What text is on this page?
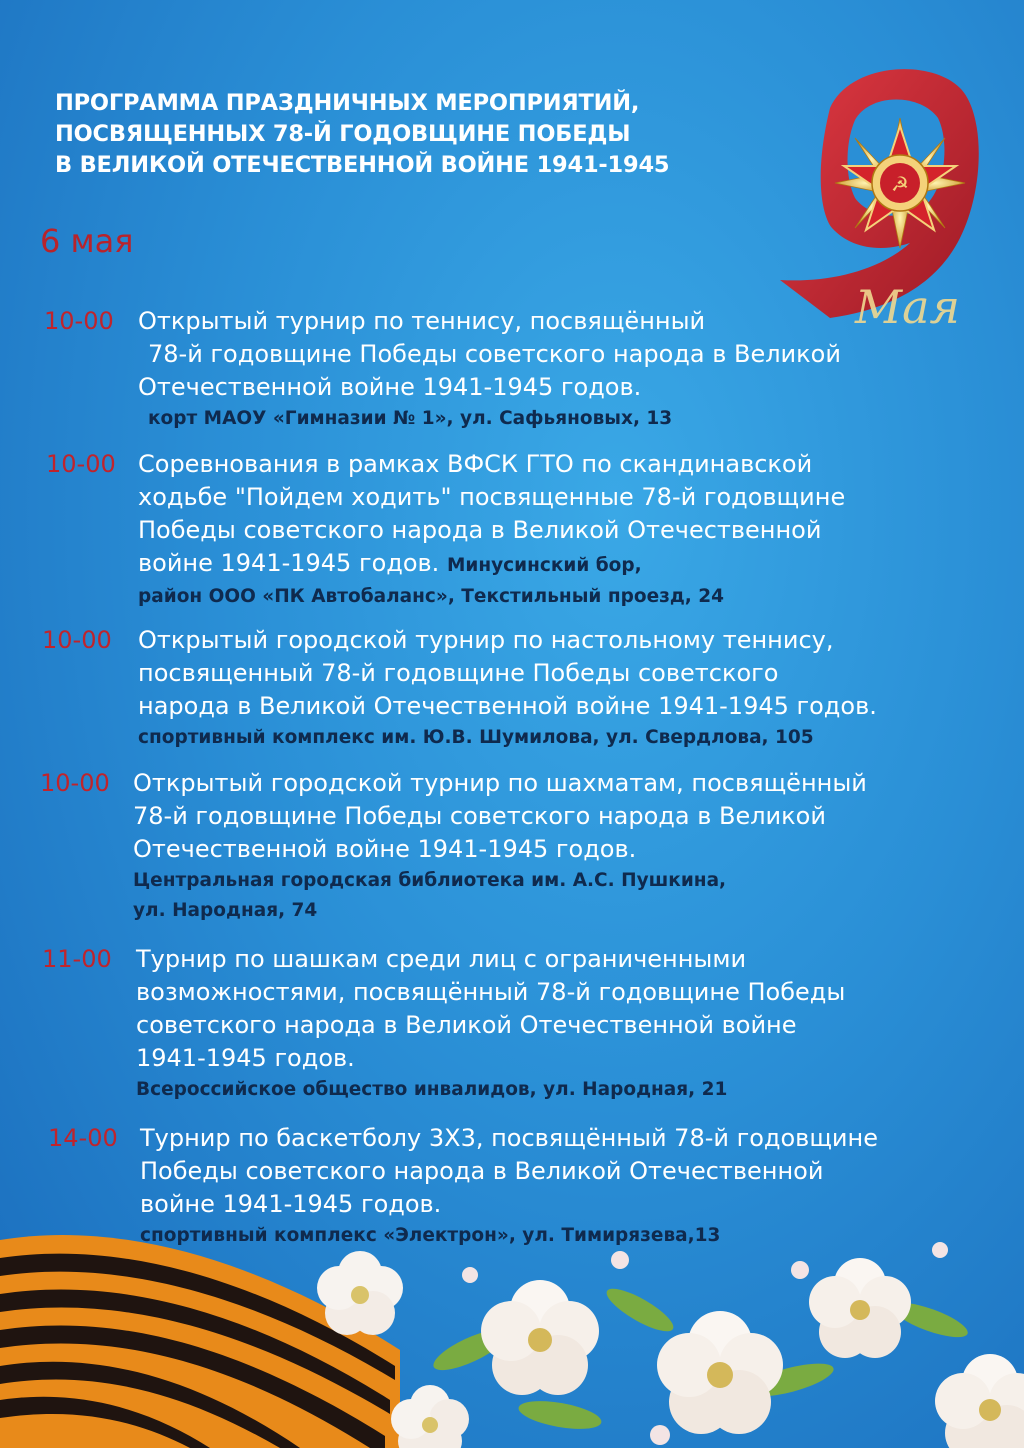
ПРОГРАММА ПРАЗДНИЧНЫХ МЕРОПРИЯТИЙ,
ПОСВЯЩЕННЫХ 78-Й ГОДОВЩИНЕ ПОБЕДЫ
В ВЕЛИКОЙ ОТЕЧЕСТВЕННОЙ ВОЙНЕ 1941-1945
6 мая
☭
Мая
10-00 Открытый турнир по теннису, посвящённый
78-й годовщине Победы советского народа в Великой
Отечественной войне 1941-1945 годов.
корт МАОУ «Гимназии № 1», ул. Сафьяновых, 13
10-00 Соревнования в рамках ВФСК ГТО по скандинавской
ходьбе "Пойдем ходить" посвященные 78-й годовщине
Победы советского народа в Великой Отечественной
войне 1941-1945 годов. Минусинский бор,
район ООО «ПК Автобаланс», Текстильный проезд, 24
10-00 Открытый городской турнир по настольному теннису,
посвященный 78-й годовщине Победы советского
народа в Великой Отечественной войне 1941-1945 годов.
спортивный комплекс им. Ю.В. Шумилова, ул. Свердлова, 105
10-00 Открытый городской турнир по шахматам, посвящённый
78-й годовщине Победы советского народа в Великой
Отечественной войне 1941-1945 годов.
Центральная городская библиотека им. А.С. Пушкина,
ул. Народная, 74
11-00 Турнир по шашкам среди лиц с ограниченными
возможностями, посвящённый 78-й годовщине Победы
советского народа в Великой Отечественной войне
1941-1945 годов.
Всероссийское общество инвалидов, ул. Народная, 21
14-00 Турнир по баскетболу 3Х3, посвящённый 78-й годовщине
Победы советского народа в Великой Отечественной
войне 1941-1945 годов.
спортивный комплекс «Электрон», ул. Тимирязева,13
